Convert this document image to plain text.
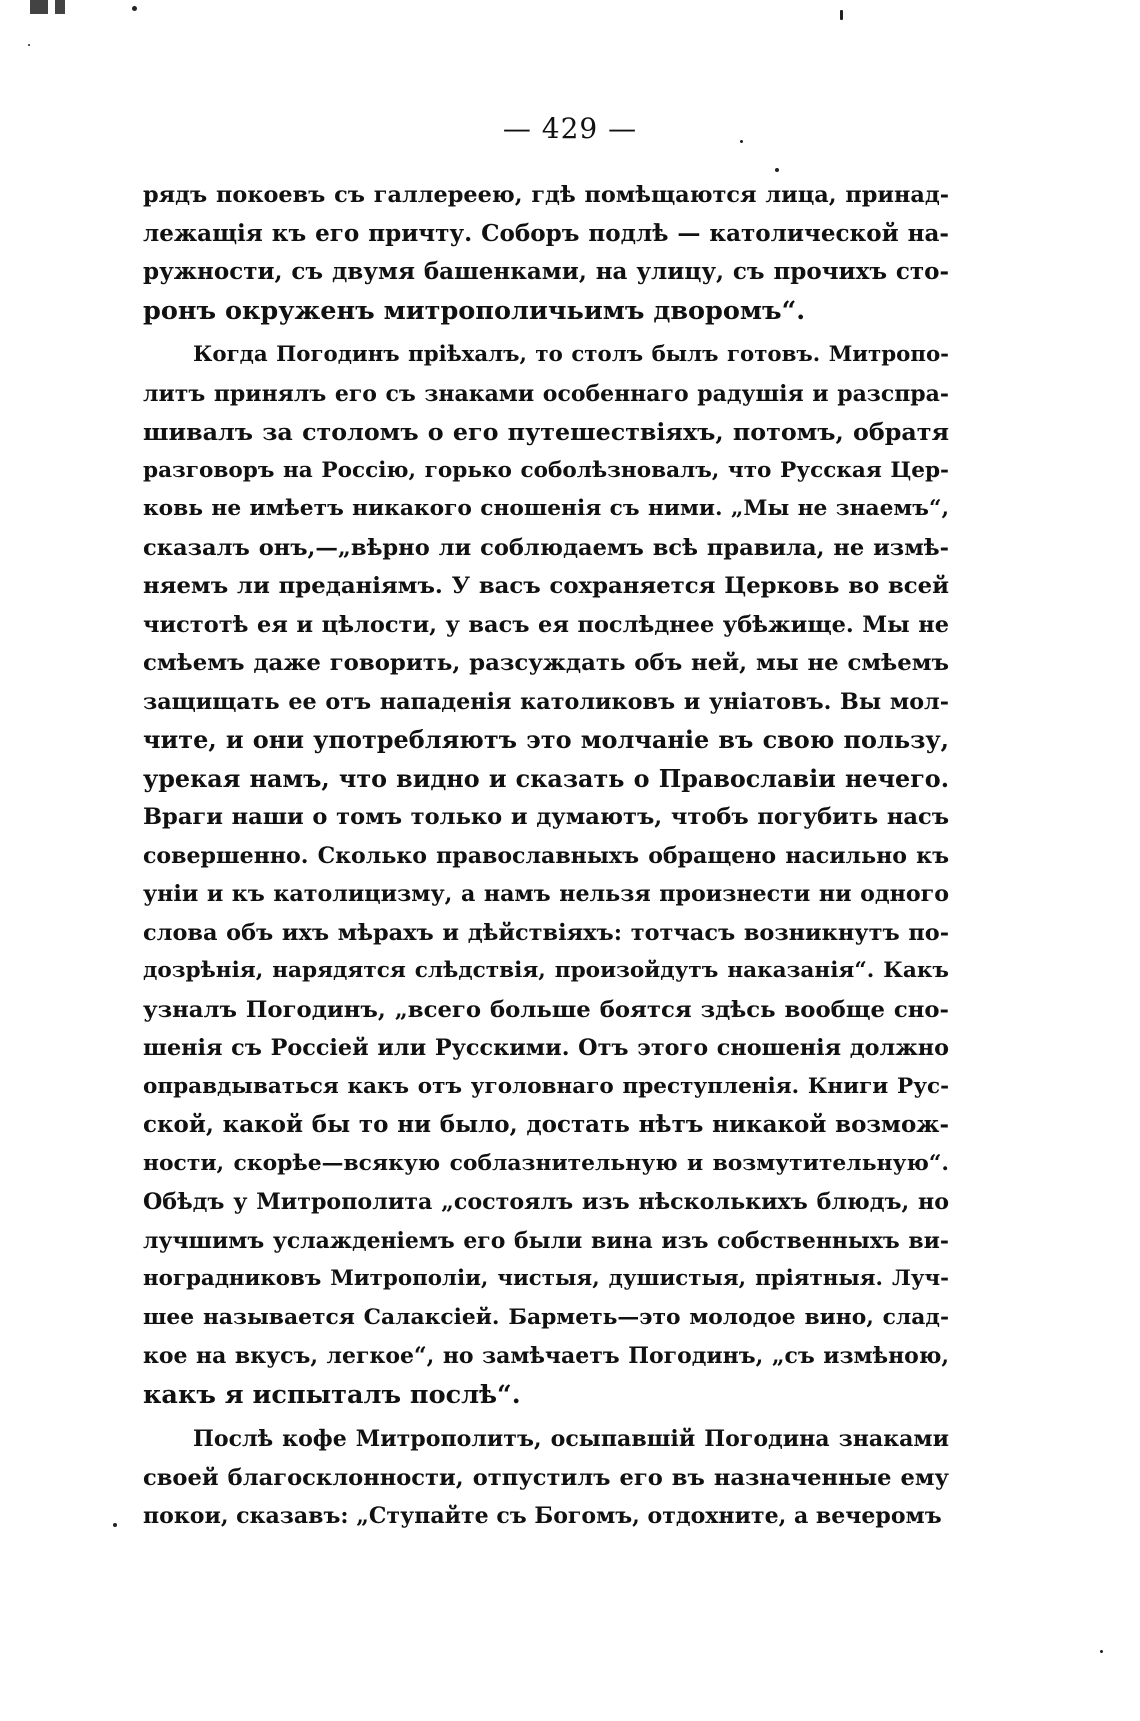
— 429 —
рядъ покоевъ съ галлереею, гдѣ помѣщаются лица, принад-
лежащія къ его причту. Соборъ подлѣ — католической на-
ружности, съ двумя башенками, на улицу, съ прочихъ сто-
ронъ окруженъ митрополичьимъ дворомъ“.
Когда Погодинъ пріѣхалъ, то столъ былъ готовъ. Митропо-
литъ принялъ его съ знаками особеннаго радушія и разспра-
шивалъ за столомъ о его путешествіяхъ, потомъ, обратя
разговоръ на Россію, горько соболѣзновалъ, что Русская Цер-
ковь не имѣетъ никакого сношенія съ ними. „Мы не знаемъ“,
сказалъ онъ,—„вѣрно ли соблюдаемъ всѣ правила, не измѣ-
няемъ ли преданіямъ. У васъ сохраняется Церковь во всей
чистотѣ ея и цѣлости, у васъ ея послѣднее убѣжище. Мы не
смѣемъ даже говорить, разсуждать объ ней, мы не смѣемъ
защищать ее отъ нападенія католиковъ и уніатовъ. Вы мол-
чите, и они употребляютъ это молчаніе въ свою пользу,
урекая намъ, что видно и сказать о Православіи нечего.
Враги наши о томъ только и думаютъ, чтобъ погубить насъ
совершенно. Сколько православныхъ обращено насильно къ
уніи и къ католицизму, а намъ нельзя произнести ни одного
слова объ ихъ мѣрахъ и дѣйствіяхъ: тотчасъ возникнутъ по-
дозрѣнія, нарядятся слѣдствія, произойдутъ наказанія“. Какъ
узналъ Погодинъ, „всего больше боятся здѣсь вообще сно-
шенія съ Россіей или Русскими. Отъ этого сношенія должно
оправдываться какъ отъ уголовнаго преступленія. Книги Рус-
ской, какой бы то ни было, достать нѣтъ никакой возмож-
ности, скорѣе—всякую соблазнительную и возмутительную“.
Обѣдъ у Митрополита „состоялъ изъ нѣсколькихъ блюдъ, но
лучшимъ услажденіемъ его были вина изъ собственныхъ ви-
ноградниковъ Митрополіи, чистыя, душистыя, пріятныя. Луч-
шее называется Салаксіей. Барметь—это молодое вино, слад-
кое на вкусъ, легкое“, но замѣчаетъ Погодинъ, „съ измѣною,
какъ я испыталъ послѣ“.
Послѣ кофе Митрополитъ, осыпавшій Погодина знаками
своей благосклонности, отпустилъ его въ назначенные ему
покои, сказавъ: „Ступайте съ Богомъ, отдохните, а вечеромъ
